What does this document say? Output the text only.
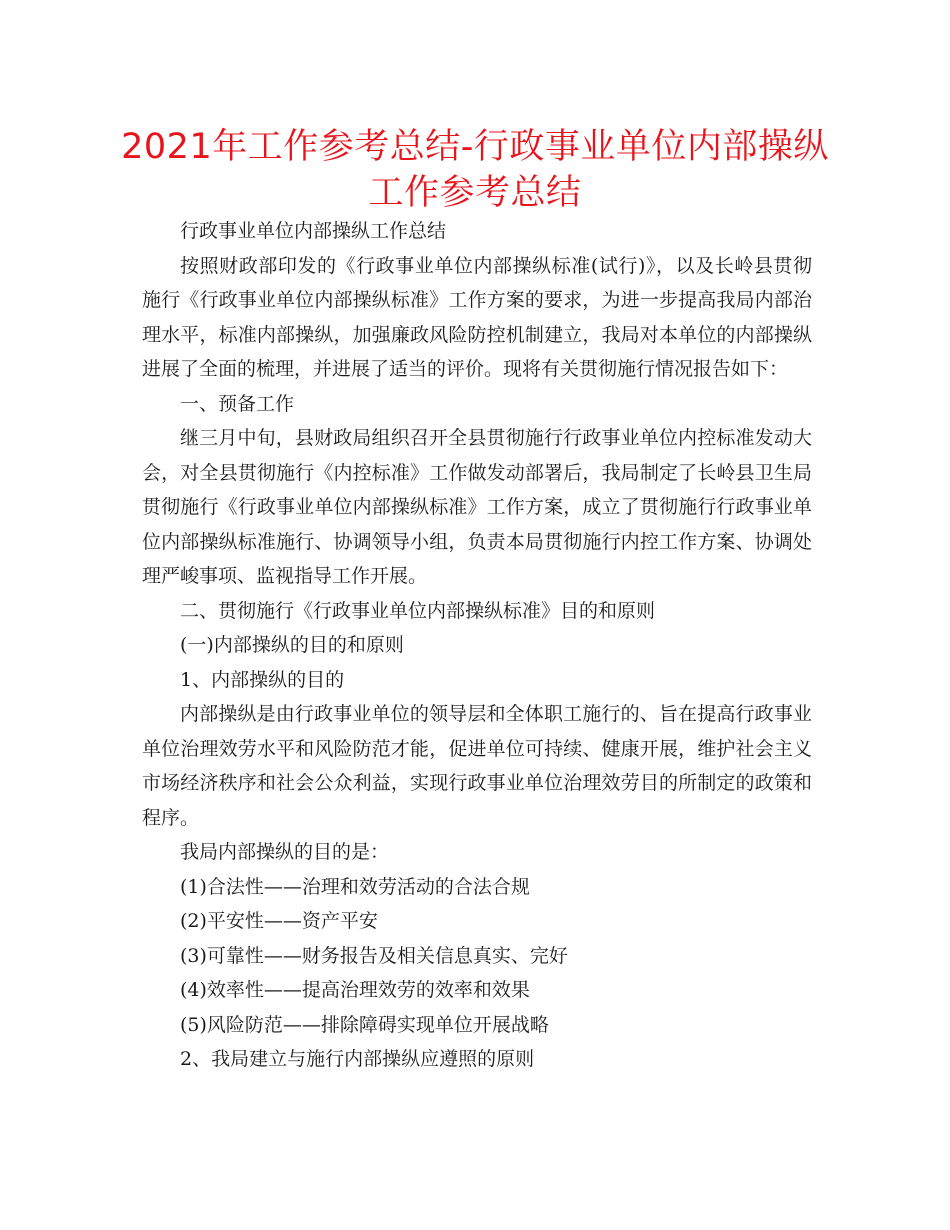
2021年工作参考总结-行政事业单位内部操纵工作参考总结

行政事业单位内部操纵工作总结

按照财政部印发的《行政事业单位内部操纵标准(试行)》，以及长岭县贯彻施行《行政事业单位内部操纵标准》工作方案的要求，为进一步提高我局内部治理水平，标准内部操纵，加强廉政风险防控机制建立，我局对本单位的内部操纵进展了全面的梳理，并进展了适当的评价。现将有关贯彻施行情况报告如下：

一、预备工作

继三月中旬，县财政局组织召开全县贯彻施行行政事业单位内控标准发动大会，对全县贯彻施行《内控标准》工作做发动部署后，我局制定了长岭县卫生局贯彻施行《行政事业单位内部操纵标准》工作方案，成立了贯彻施行行政事业单位内部操纵标准施行、协调领导小组，负责本局贯彻施行内控工作方案、协调处理严峻事项、监视指导工作开展。

二、贯彻施行《行政事业单位内部操纵标准》目的和原则

(一)内部操纵的目的和原则

1、内部操纵的目的

内部操纵是由行政事业单位的领导层和全体职工施行的、旨在提高行政事业单位治理效劳水平和风险防范才能，促进单位可持续、健康开展，维护社会主义市场经济秩序和社会公众利益，实现行政事业单位治理效劳目的所制定的政策和程序。

我局内部操纵的目的是：

(1)合法性——治理和效劳活动的合法合规

(2)平安性——资产平安

(3)可靠性——财务报告及相关信息真实、完好

(4)效率性——提高治理效劳的效率和效果

(5)风险防范——排除障碍实现单位开展战略

2、我局建立与施行内部操纵应遵照的原则
